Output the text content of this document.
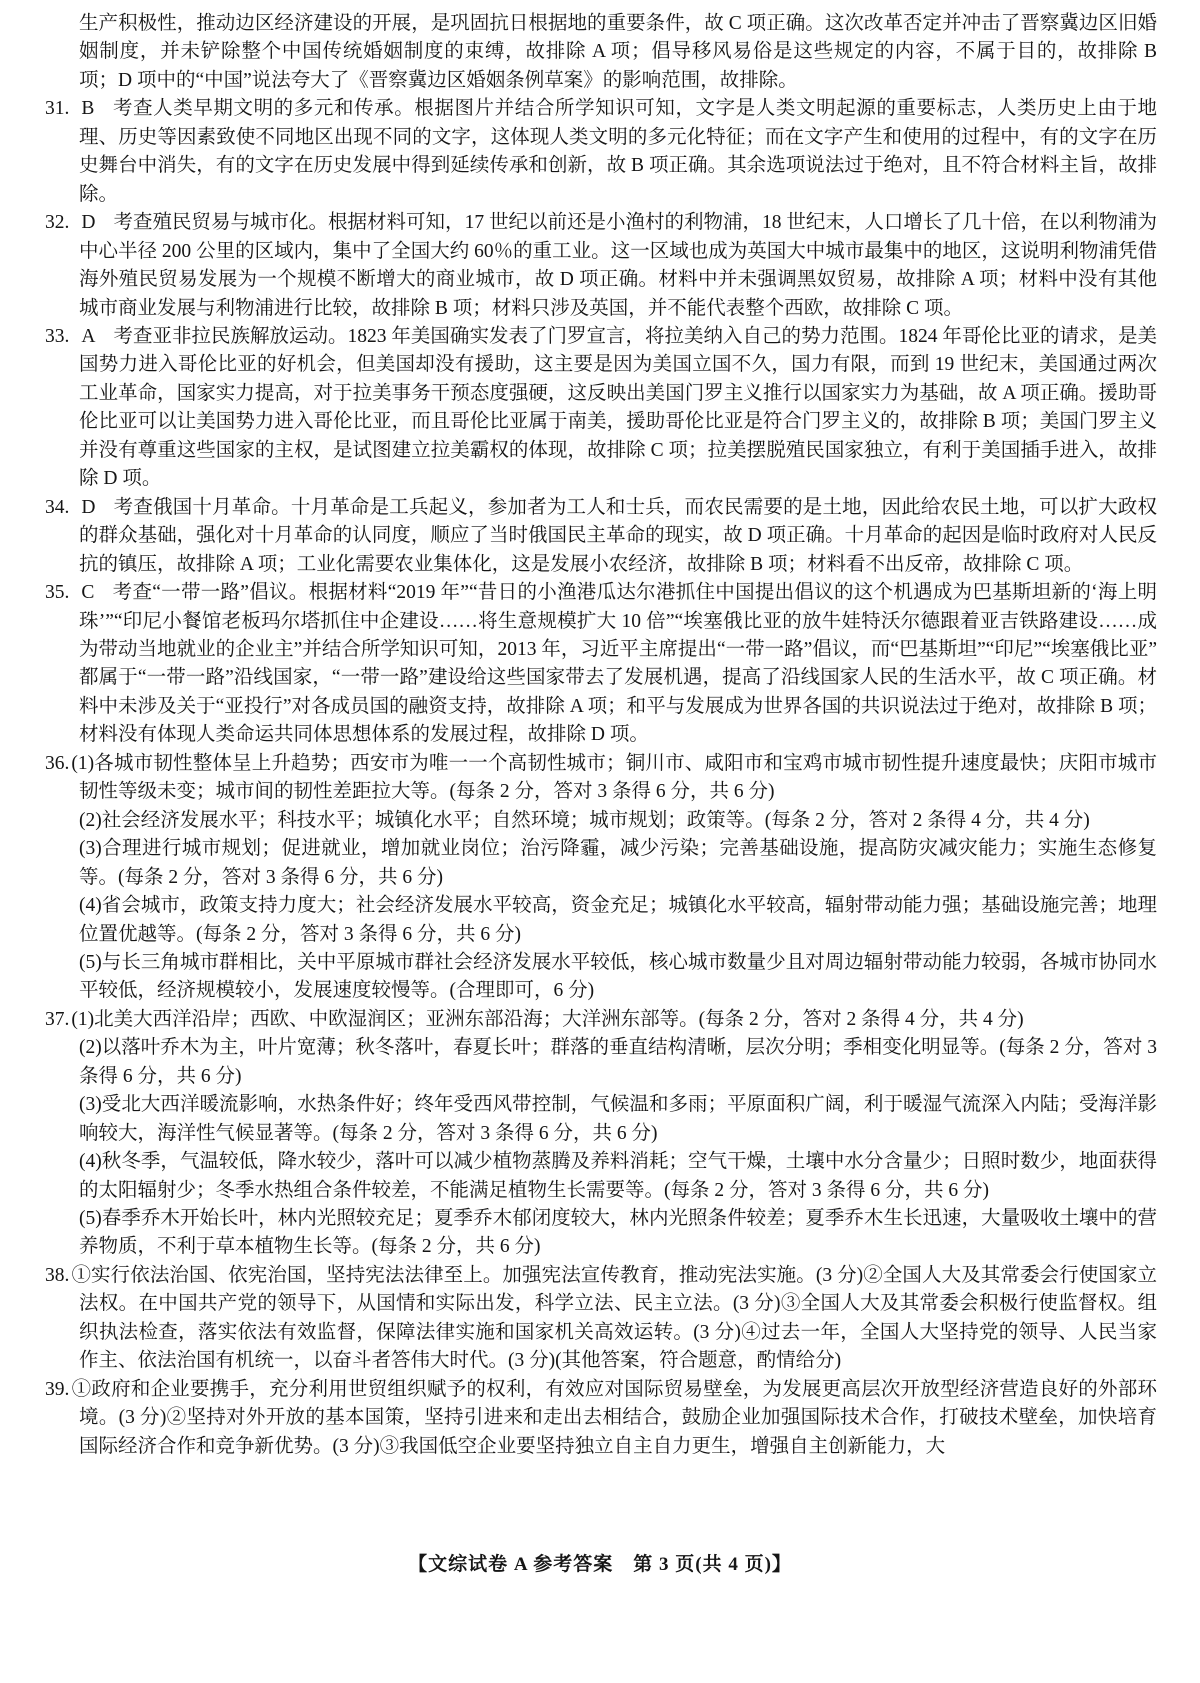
生产积极性，推动边区经济建设的开展，是巩固抗日根据地的重要条件，故 C 项正确。这次改革否定并冲击了晋察冀边区旧婚姻制度，并未铲除整个中国传统婚姻制度的束缚，故排除 A 项；倡导移风易俗是这些规定的内容，不属于目的，故排除 B 项；D 项中的“中国”说法夸大了《晋察冀边区婚姻条例草案》的影响范围，故排除。
31. B 考查人类早期文明的多元和传承。根据图片并结合所学知识可知，文字是人类文明起源的重要标志，人类历史上由于地理、历史等因素致使不同地区出现不同的文字，这体现人类文明的多元化特征；而在文字产生和使用的过程中，有的文字在历史舞台中消失，有的文字在历史发展中得到延续传承和创新，故 B 项正确。其余选项说法过于绝对，且不符合材料主旨，故排除。
32. D 考查殖民贸易与城市化。根据材料可知，17 世纪以前还是小渔村的利物浦，18 世纪末，人口增长了几十倍，在以利物浦为中心半径 200 公里的区域内，集中了全国大约 60％的重工业。这一区域也成为英国大中城市最集中的地区，这说明利物浦凭借海外殖民贸易发展为一个规模不断增大的商业城市，故 D 项正确。材料中并未强调黑奴贸易，故排除 A 项；材料中没有其他城市商业发展与利物浦进行比较，故排除 B 项；材料只涉及英国，并不能代表整个西欧，故排除 C 项。
33. A 考查亚非拉民族解放运动。1823 年美国确实发表了门罗宣言，将拉美纳入自己的势力范围。1824 年哥伦比亚的请求，是美国势力进入哥伦比亚的好机会，但美国却没有援助，这主要是因为美国立国不久，国力有限，而到 19 世纪末，美国通过两次工业革命，国家实力提高，对于拉美事务干预态度强硬，这反映出美国门罗主义推行以国家实力为基础，故 A 项正确。援助哥伦比亚可以让美国势力进入哥伦比亚，而且哥伦比亚属于南美，援助哥伦比亚是符合门罗主义的，故排除 B 项；美国门罗主义并没有尊重这些国家的主权，是试图建立拉美霸权的体现，故排除 C 项；拉美摆脱殖民国家独立，有利于美国插手进入，故排除 D 项。
34. D 考查俄国十月革命。十月革命是工兵起义，参加者为工人和士兵，而农民需要的是土地，因此给农民土地，可以扩大政权的群众基础，强化对十月革命的认同度，顺应了当时俄国民主革命的现实，故 D 项正确。十月革命的起因是临时政府对人民反抗的镇压，故排除 A 项；工业化需要农业集体化，这是发展小农经济，故排除 B 项；材料看不出反帝，故排除 C 项。
35. C 考查“一带一路”倡议。根据材料“2019 年”“昔日的小渔港瓜达尔港抓住中国提出倡议的这个机遇成为巴基斯坦新的‘海上明珠’”“印尼小餐馆老板玛尔塔抓住中企建设……将生意规模扩大 10 倍”“埃塞俄比亚的放牛娃特沃尔德跟着亚吉铁路建设……成为带动当地就业的企业主”并结合所学知识可知，2013 年，习近平主席提出“一带一路”倡议，而“巴基斯坦”“印尼”“埃塞俄比亚”都属于“一带一路”沿线国家，“一带一路”建设给这些国家带去了发展机遇，提高了沿线国家人民的生活水平，故 C 项正确。材料中未涉及关于“亚投行”对各成员国的融资支持，故排除 A 项；和平与发展成为世界各国的共识说法过于绝对，故排除 B 项；材料没有体现人类命运共同体思想体系的发展过程，故排除 D 项。
36. (1)各城市韧性整体呈上升趋势；西安市为唯一一个高韧性城市；铜川市、咸阳市和宝鸡市城市韧性提升速度最快；庆阳市城市韧性等级未变；城市间的韧性差距拉大等。(每条 2 分，答对 3 条得 6 分，共 6 分)
(2)社会经济发展水平；科技水平；城镇化水平；自然环境；城市规划；政策等。(每条 2 分，答对 2 条得 4 分，共 4 分)
(3)合理进行城市规划；促进就业，增加就业岗位；治污降霾，减少污染；完善基础设施，提高防灾减灾能力；实施生态修复等。(每条 2 分，答对 3 条得 6 分，共 6 分)
(4)省会城市，政策支持力度大；社会经济发展水平较高，资金充足；城镇化水平较高，辐射带动能力强；基础设施完善；地理位置优越等。(每条 2 分，答对 3 条得 6 分，共 6 分)
(5)与长三角城市群相比，关中平原城市群社会经济发展水平较低，核心城市数量少且对周边辐射带动能力较弱，各城市协同水平较低，经济规模较小，发展速度较慢等。(合理即可，6 分)
37. (1)北美大西洋沿岸；西欧、中欧湿润区；亚洲东部沿海；大洋洲东部等。(每条 2 分，答对 2 条得 4 分，共 4 分)
(2)以落叶乔木为主，叶片宽薄；秋冬落叶，春夏长叶；群落的垂直结构清晰，层次分明；季相变化明显等。(每条 2 分，答对 3 条得 6 分，共 6 分)
(3)受北大西洋暖流影响，水热条件好；终年受西风带控制，气候温和多雨；平原面积广阔，利于暖湿气流深入内陆；受海洋影响较大，海洋性气候显著等。(每条 2 分，答对 3 条得 6 分，共 6 分)
(4)秋冬季，气温较低，降水较少，落叶可以减少植物蒸腾及养料消耗；空气干燥，土壤中水分含量少；日照时数少，地面获得的太阳辐射少；冬季水热组合条件较差，不能满足植物生长需要等。(每条 2 分，答对 3 条得 6 分，共 6 分)
(5)春季乔木开始长叶，林内光照较充足；夏季乔木郁闭度较大，林内光照条件较差；夏季乔木生长迅速，大量吸收土壤中的营养物质，不利于草本植物生长等。(每条 2 分，共 6 分)
38. ①实行依法治国、依宪治国，坚持宪法法律至上。加强宪法宣传教育，推动宪法实施。(3 分)②全国人大及其常委会行使国家立法权。在中国共产党的领导下，从国情和实际出发，科学立法、民主立法。(3 分)③全国人大及其常委会积极行使监督权。组织执法检查，落实依法有效监督，保障法律实施和国家机关高效运转。(3 分)④过去一年，全国人大坚持党的领导、人民当家作主、依法治国有机统一，以奋斗者答伟大时代。(3 分)(其他答案，符合题意，酌情给分)
39. ①政府和企业要携手，充分利用世贸组织赋予的权利，有效应对国际贸易壁垒，为发展更高层次开放型经济营造良好的外部环境。(3 分)②坚持对外开放的基本国策，坚持引进来和走出去相结合，鼓励企业加强国际技术合作，打破技术壁垒，加快培育国际经济合作和竞争新优势。(3 分)③我国低空企业要坚持独立自主自力更生，增强自主创新能力，大
【文综试卷 A 参考答案　第 3 页(共 4 页)】
